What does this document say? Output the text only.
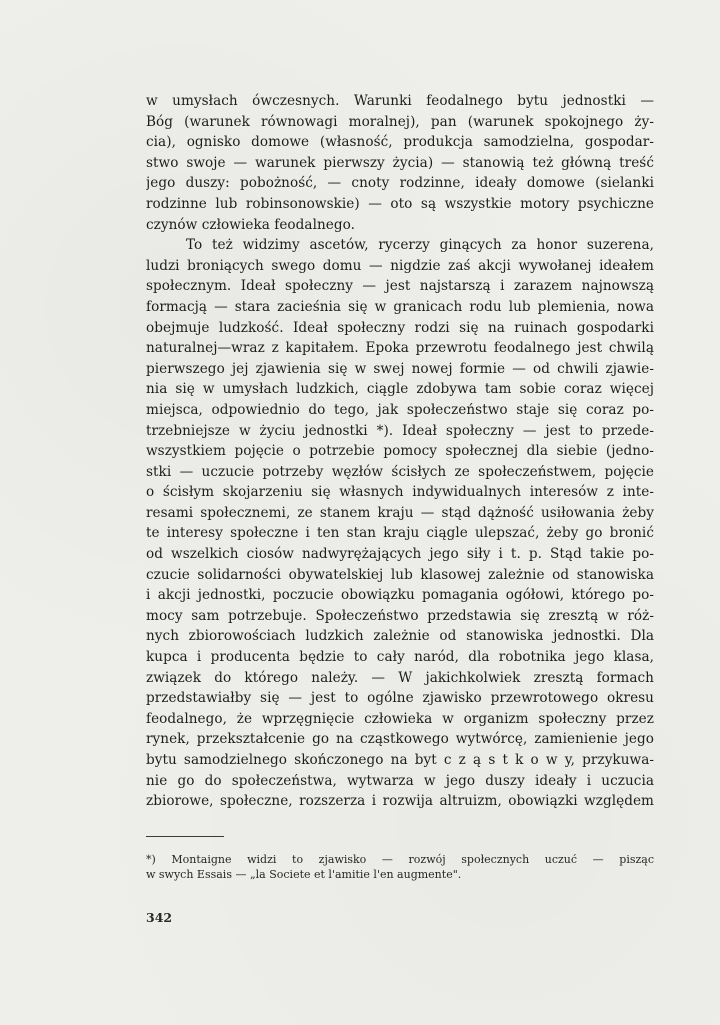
w umysłach ówczesnych. Warunki feodalnego bytu jednostki —
Bóg (warunek równowagi moralnej), pan (warunek spokojnego ży-
cia), ognisko domowe (własność, produkcja samodzielna, gospodar-
stwo swoje — warunek pierwszy życia) — stanowią też główną treść
jego duszy: pobożność, — cnoty rodzinne, ideały domowe (sielanki
rodzinne lub robinsonowskie) — oto są wszystkie motory psychiczne
czynów człowieka feodalnego.

To też widzimy ascetów, rycerzy ginących za honor suzerena,
ludzi broniących swego domu — nigdzie zaś akcji wywołanej ideałem
społecznym. Ideał społeczny — jest najstarszą i zarazem najnowszą
formacją — stara zacieśnia się w granicach rodu lub plemienia, nowa
obejmuje ludzkość. Ideał społeczny rodzi się na ruinach gospodarki
naturalnej—wraz z kapitałem. Epoka przewrotu feodalnego jest chwilą
pierwszego jej zjawienia się w swej nowej formie — od chwili zjawie-
nia się w umysłach ludzkich, ciągle zdobywa tam sobie coraz więcej
miejsca, odpowiednio do tego, jak społeczeństwo staje się coraz po-
trzebniejsze w życiu jednostki *). Ideał społeczny — jest to przede-
wszystkiem pojęcie o potrzebie pomocy społecznej dla siebie (jedno-
stki — uczucie potrzeby węzłów ścisłych ze społeczeństwem, pojęcie
o ścisłym skojarzeniu się własnych indywidualnych interesów z inte-
resami społecznemi, ze stanem kraju — stąd dążność usiłowania żeby
te interesy społeczne i ten stan kraju ciągle ulepszać, żeby go bronić
od wszelkich ciosów nadwyrężających jego siły i t. p. Stąd takie po-
czucie solidarności obywatelskiej lub klasowej zależnie od stanowiska
i akcji jednostki, poczucie obowiązku pomagania ogółowi, którego po-
mocy sam potrzebuje. Społeczeństwo przedstawia się zresztą w róż-
nych zbiorowościach ludzkich zależnie od stanowiska jednostki. Dla
kupca i producenta będzie to cały naród, dla robotnika jego klasa,
związek do którego należy. — W jakichkolwiek zresztą formach
przedstawiałby się — jest to ogólne zjawisko przewrotowego okresu
feodalnego, że wprzęgnięcie człowieka w organizm społeczny przez
rynek, przekształcenie go na cząstkowego wytwórcę, zamienienie jego
bytu samodzielnego skończonego na byt c z ą s t k o w y, przykuwa-
nie go do społeczeństwa, wytwarza w jego duszy ideały i uczucia
zbiorowe, społeczne, rozszerza i rozwija altruizm, obowiązki względem

*) Montaigne widzi to zjawisko — rozwój społecznych uczuć — pisząc
w swych Essais — „la Societe et l'amitie l'en augmente".
342
